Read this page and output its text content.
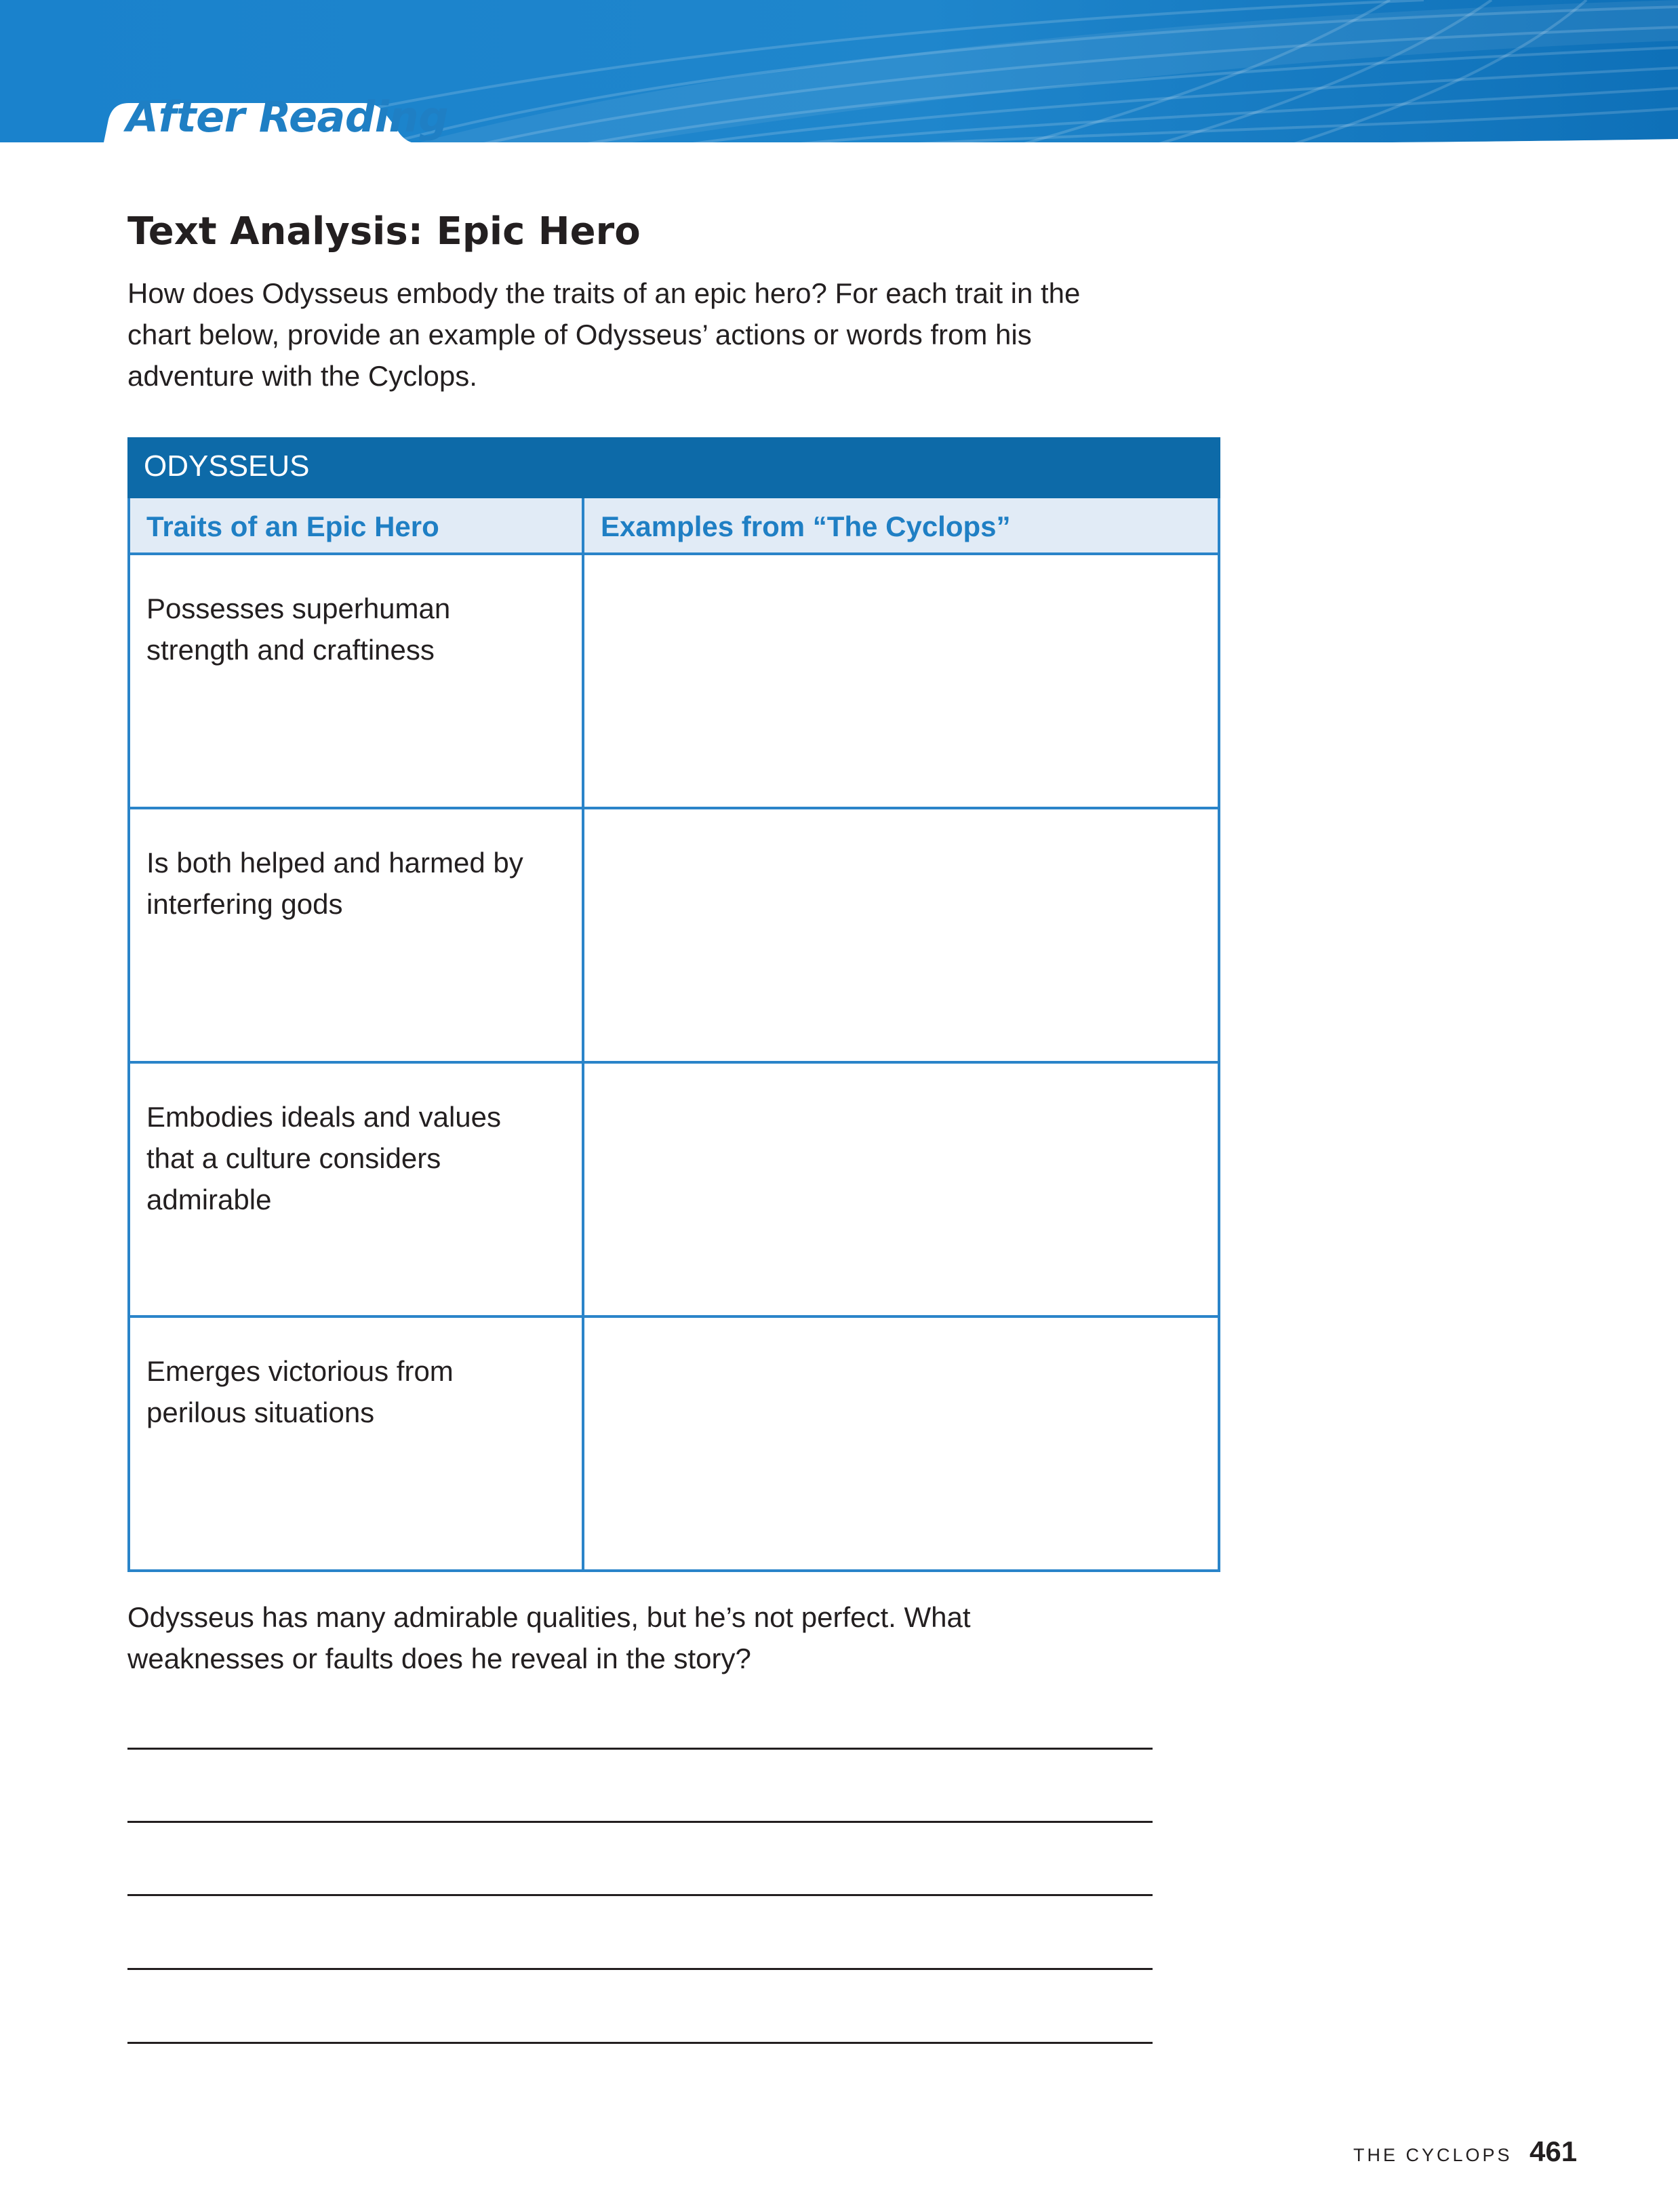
After Reading
Text Analysis: Epic Hero
How does Odysseus embody the traits of an epic hero? For each trait in the
chart below, provide an example of Odysseus’ actions or words from his
adventure with the Cyclops.
ODYSSEUS	
Traits of an Epic Hero	Examples from “The Cyclops”

Possesses superhuman
strength and craftiness	

Is both helped and harmed by
interfering gods	

Embodies ideals and values
that a culture considers
admirable	

Emerges victorious from
perilous situations	

Odysseus has many admirable qualities, but he’s not perfect. What
weaknesses or faults does he reveal in the story?
THE CYCLOPS 461
